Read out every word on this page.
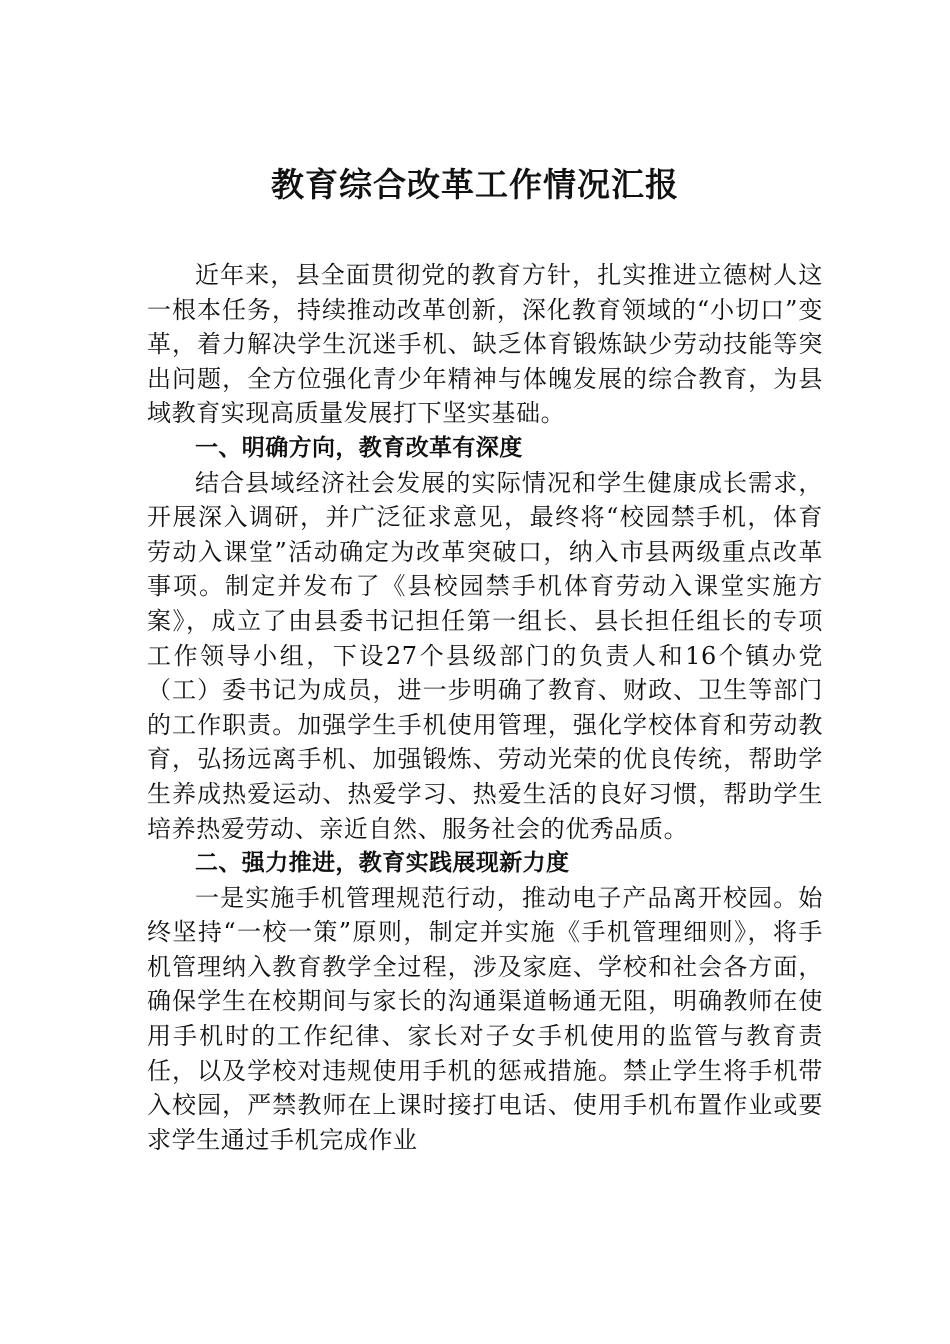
教育综合改革工作情况汇报

近年来，县全面贯彻党的教育方针，扎实推进立德树人这一根本任务，持续推动改革创新，深化教育领域的“小切口”变革，着力解决学生沉迷手机、缺乏体育锻炼缺少劳动技能等突出问题，全方位强化青少年精神与体魄发展的综合教育，为县域教育实现高质量发展打下坚实基础。

一、明确方向，教育改革有深度

结合县域经济社会发展的实际情况和学生健康成长需求，开展深入调研，并广泛征求意见，最终将“校园禁手机，体育劳动入课堂”活动确定为改革突破口，纳入市县两级重点改革事项。制定并发布了《县校园禁手机体育劳动入课堂实施方案》，成立了由县委书记担任第一组长、县长担任组长的专项工作领导小组，下设27个县级部门的负责人和16个镇办党（工）委书记为成员，进一步明确了教育、财政、卫生等部门的工作职责。加强学生手机使用管理，强化学校体育和劳动教育，弘扬远离手机、加强锻炼、劳动光荣的优良传统，帮助学生养成热爱运动、热爱学习、热爱生活的良好习惯，帮助学生培养热爱劳动、亲近自然、服务社会的优秀品质。

二、强力推进，教育实践展现新力度

一是实施手机管理规范行动，推动电子产品离开校园。始终坚持“一校一策”原则，制定并实施《手机管理细则》，将手机管理纳入教育教学全过程，涉及家庭、学校和社会各方面，确保学生在校期间与家长的沟通渠道畅通无阻，明确教师在使用手机时的工作纪律、家长对子女手机使用的监管与教育责任，以及学校对违规使用手机的惩戒措施。禁止学生将手机带入校园，严禁教师在上课时接打电话、使用手机布置作业或要求学生通过手机完成作业
